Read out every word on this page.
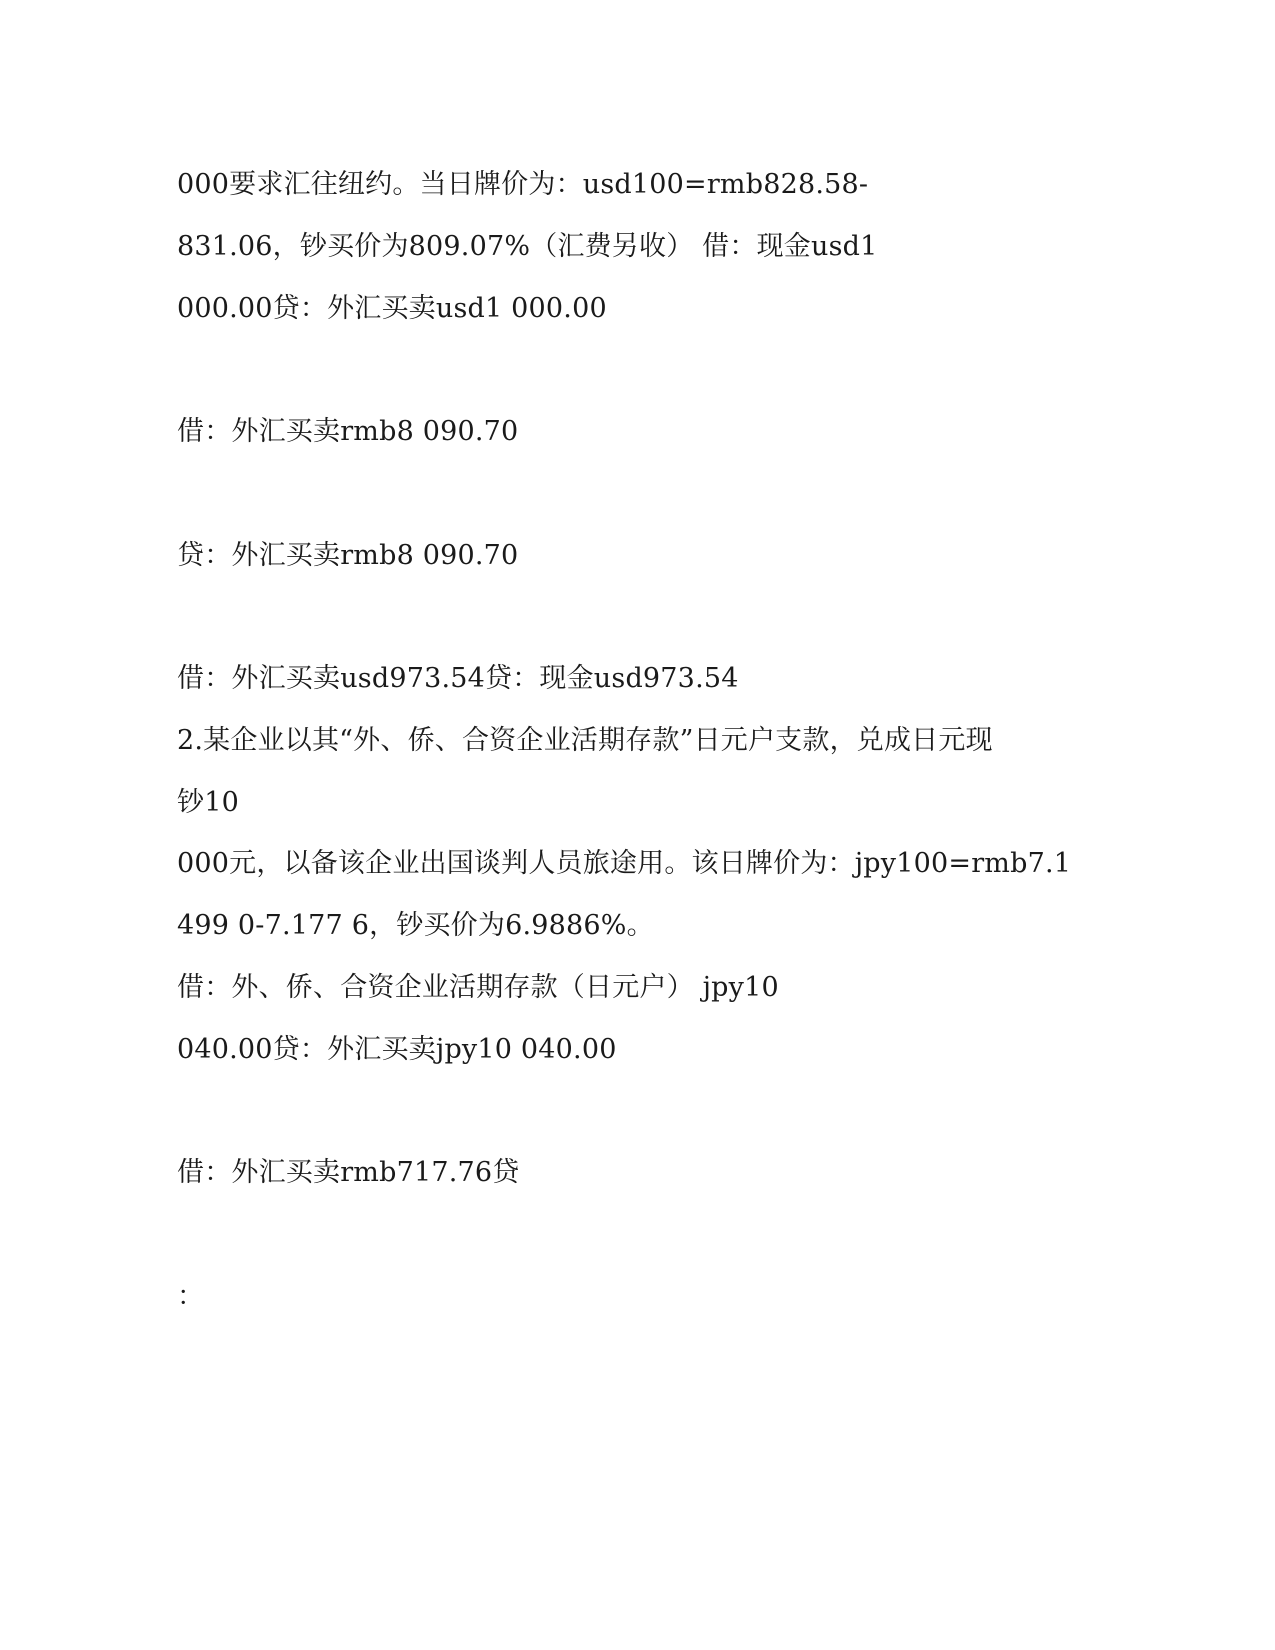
000要求汇往纽约。当日牌价为：usd100=rmb828.58-
831.06，钞买价为809.07%（汇费另收） 借：现金usd1
000.00贷：外汇买卖usd1 000.00
借：外汇买卖rmb8 090.70
贷：外汇买卖rmb8 090.70
借：外汇买卖usd973.54贷：现金usd973.54
2.某企业以其“外、侨、合资企业活期存款”日元户支款，兑成日元现
钞10
000元，以备该企业出国谈判人员旅途用。该日牌价为：jpy100=rmb7.1
499 0-7.177 6，钞买价为6.9886%。
借：外、侨、合资企业活期存款（日元户） jpy10
040.00贷：外汇买卖jpy10 040.00
借：外汇买卖rmb717.76贷
：
